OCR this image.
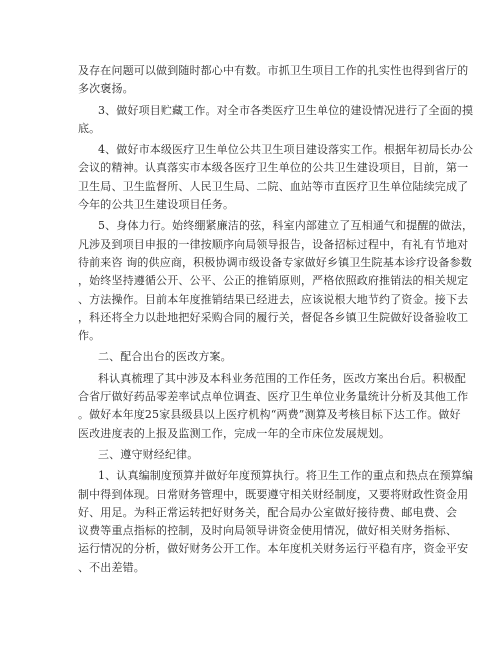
及存在问题可以做到随时都心中有数。市抓卫生项目工作的扎实性也得到省厅的
多次褒扬。
3、做好项目贮藏工作。对全市各类医疗卫生单位的建设情况进行了全面的摸
底。
4、做好市本级医疗卫生单位公共卫生项目建设落实工作。根据年初局长办公
会议的精神。认真落实市本级各医疗卫生单位的公共卫生建设项目，目前，第一
卫生局、卫生监督所、人民卫生局、二院、血站等市直医疗卫生单位陆续完成了
今年的公共卫生建设项目任务。
5、身体力行。始终绷紧廉洁的弦，科室内部建立了互相通气和提醒的做法，
凡涉及到项目申报的一律按顺序向局领导报告，设备招标过程中，有礼有节地对
待前来咨 询的供应商，积极协调市级设备专家做好乡镇卫生院基本诊疗设备参数
，始终坚持遵循公开、公平、公正的推销原则，严格依照政府推销法的相关规定
、方法操作。目前本年度推销结果已经进去，应该说根大地节约了资金。接下去
，科还将全力以赴地把好采购合同的履行关，督促各乡镇卫生院做好设备验收工
作。
二、配合出台的医改方案。
科认真梳理了其中涉及本科业务范围的工作任务，医改方案出台后。积极配
合省厅做好药品零差率试点单位调查、医疗卫生单位业务量统计分析及其他工作
。做好本年度25家县级县以上医疗机构“两费”测算及考核目标下达工作。做好
医改进度表的上报及监测工作，完成一年的全市床位发展规划。
三、遵守财经纪律。
1、认真编制度预算并做好年度预算执行。将卫生工作的重点和热点在预算编
制中得到体现。日常财务管理中，既要遵守相关财经制度，又要将财政性资金用
好、用足。为科正常运转把好财务关，配合局办公室做好接待费、邮电费、会
议费等重点指标的控制，及时向局领导讲资金使用情况，做好相关财务指标、
运行情况的分析，做好财务公开工作。本年度机关财务运行平稳有序，资金平安
、不出差错。
